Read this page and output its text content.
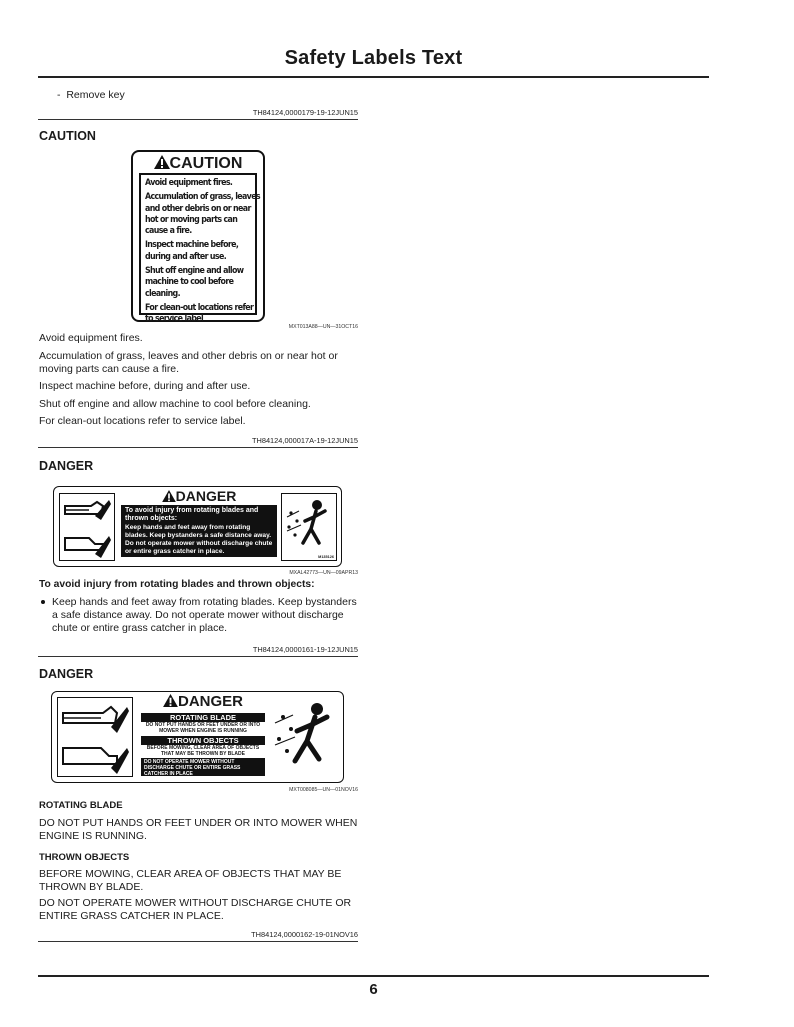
Safety Labels Text
-  Remove key
TH84124,0000179-19-12JUN15
CAUTION
CAUTION

Avoid equipment fires.

Accumulation of grass, leaves and other debris on or near hot or moving parts can cause a fire.

Inspect machine before, during and after use.

Shut off engine and allow machine to cool before cleaning.

For clean-out locations refer to service label

MXT013A88—UN—31OCT16
Avoid equipment fires.
Accumulation of grass, leaves and other debris on or near hot or moving parts can cause a fire.
Inspect machine before, during and after use.
Shut off engine and allow machine to cool before cleaning.
For clean-out locations refer to service label.
TH84124,000017A-19-12JUN15
DANGER
DANGER
To avoid injury from rotating blades and thrown objects:
Keep hands and feet away from rotating blades. Keep bystanders a safe distance away. Do not operate mower without discharge chute or entire grass catcher in place.
M135126
MXAL42773—UN—09APR13
To avoid injury from rotating blades and thrown objects:
Keep hands and feet away from rotating blades. Keep bystanders a safe distance away. Do not operate mower without discharge chute or entire grass catcher in place.
TH84124,0000161-19-12JUN15
DANGER
DANGER
ROTATING BLADE
DO NOT PUT HANDS OR FEET UNDER OR INTO MOWER WHEN ENGINE IS RUNNING
THROWN OBJECTS
BEFORE MOWING, CLEAR AREA OF OBJECTS THAT MAY BE THROWN BY BLADE
DO NOT OPERATE MOWER WITHOUT DISCHARGE CHUTE OR ENTIRE GRASS CATCHER IN PLACE
MXT008085—UN—01NOV16
ROTATING BLADE
DO NOT PUT HANDS OR FEET UNDER OR INTO MOWER WHEN ENGINE IS RUNNING.
THROWN OBJECTS
BEFORE MOWING, CLEAR AREA OF OBJECTS THAT MAY BE THROWN BY BLADE.
DO NOT OPERATE MOWER WITHOUT DISCHARGE CHUTE OR ENTIRE GRASS CATCHER IN PLACE.
TH84124,0000162-19-01NOV16
6
